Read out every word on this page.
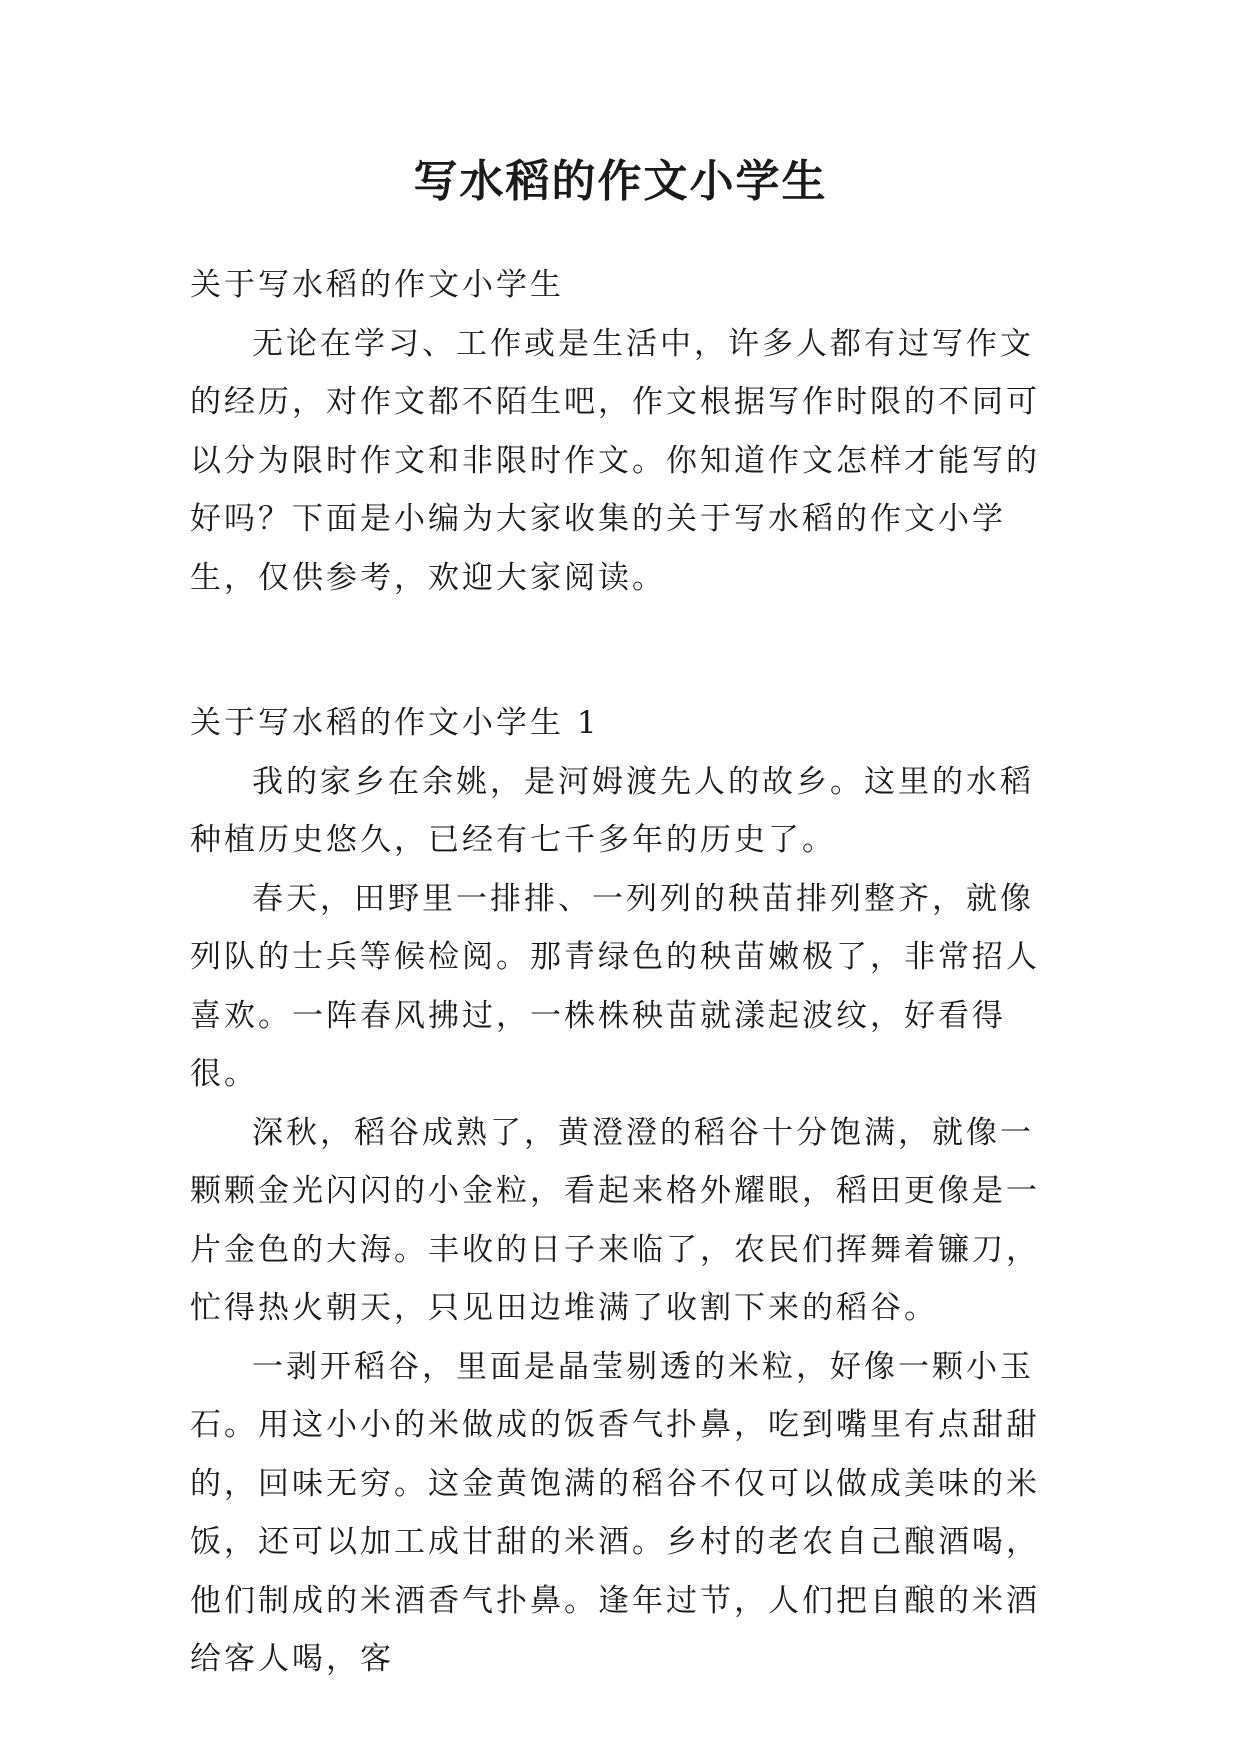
写水稻的作文小学生

关于写水稻的作文小学生

无论在学习、工作或是生活中，许多人都有过写作文的经历，对作文都不陌生吧，作文根据写作时限的不同可以分为限时作文和非限时作文。你知道作文怎样才能写的好吗？下面是小编为大家收集的关于写水稻的作文小学生，仅供参考，欢迎大家阅读。

关于写水稻的作文小学生 1

我的家乡在余姚，是河姆渡先人的故乡。这里的水稻种植历史悠久，已经有七千多年的历史了。

春天，田野里一排排、一列列的秧苗排列整齐，就像列队的士兵等候检阅。那青绿色的秧苗嫩极了，非常招人喜欢。一阵春风拂过，一株株秧苗就漾起波纹，好看得很。

深秋，稻谷成熟了，黄澄澄的稻谷十分饱满，就像一颗颗金光闪闪的小金粒，看起来格外耀眼，稻田更像是一片金色的大海。丰收的日子来临了，农民们挥舞着镰刀，忙得热火朝天，只见田边堆满了收割下来的稻谷。

一剥开稻谷，里面是晶莹剔透的米粒，好像一颗小玉石。用这小小的米做成的饭香气扑鼻，吃到嘴里有点甜甜的，回味无穷。这金黄饱满的稻谷不仅可以做成美味的米饭，还可以加工成甘甜的米酒。乡村的老农自己酿酒喝，他们制成的米酒香气扑鼻。逢年过节，人们把自酿的米酒给客人喝，客
